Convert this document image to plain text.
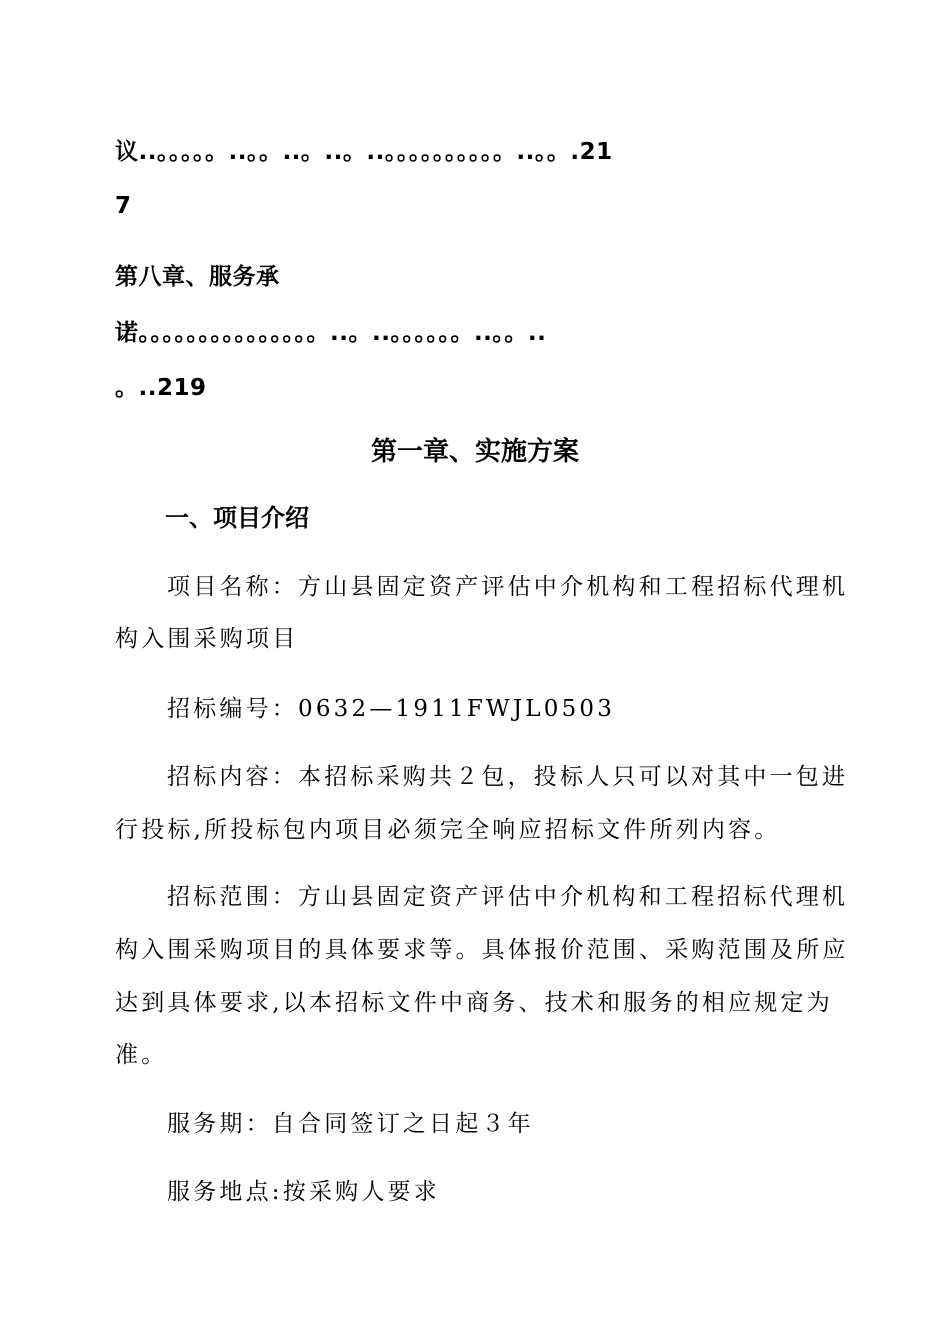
议..。。。。。..。。..。..。..。。。。。。。。。。..。。.21
7
第八章、服务承
诺。。。。。。。。。。。。。。。..。..。。。。。。..。。..
。..219
第一章、实施方案
一、项目介绍
项目名称：方山县固定资产评估中介机构和工程招标代理机
构入围采购项目
招标编号：0632—1911FWJL0503
招标内容：本招标采购共２包，投标人只可以对其中一包进
行投标,所投标包内项目必须完全响应招标文件所列内容。
招标范围：方山县固定资产评估中介机构和工程招标代理机
构入围采购项目的具体要求等。具体报价范围、采购范围及所应
达到具体要求,以本招标文件中商务、技术和服务的相应规定为
准。
服务期：自合同签订之日起３年
服务地点:按采购人要求
